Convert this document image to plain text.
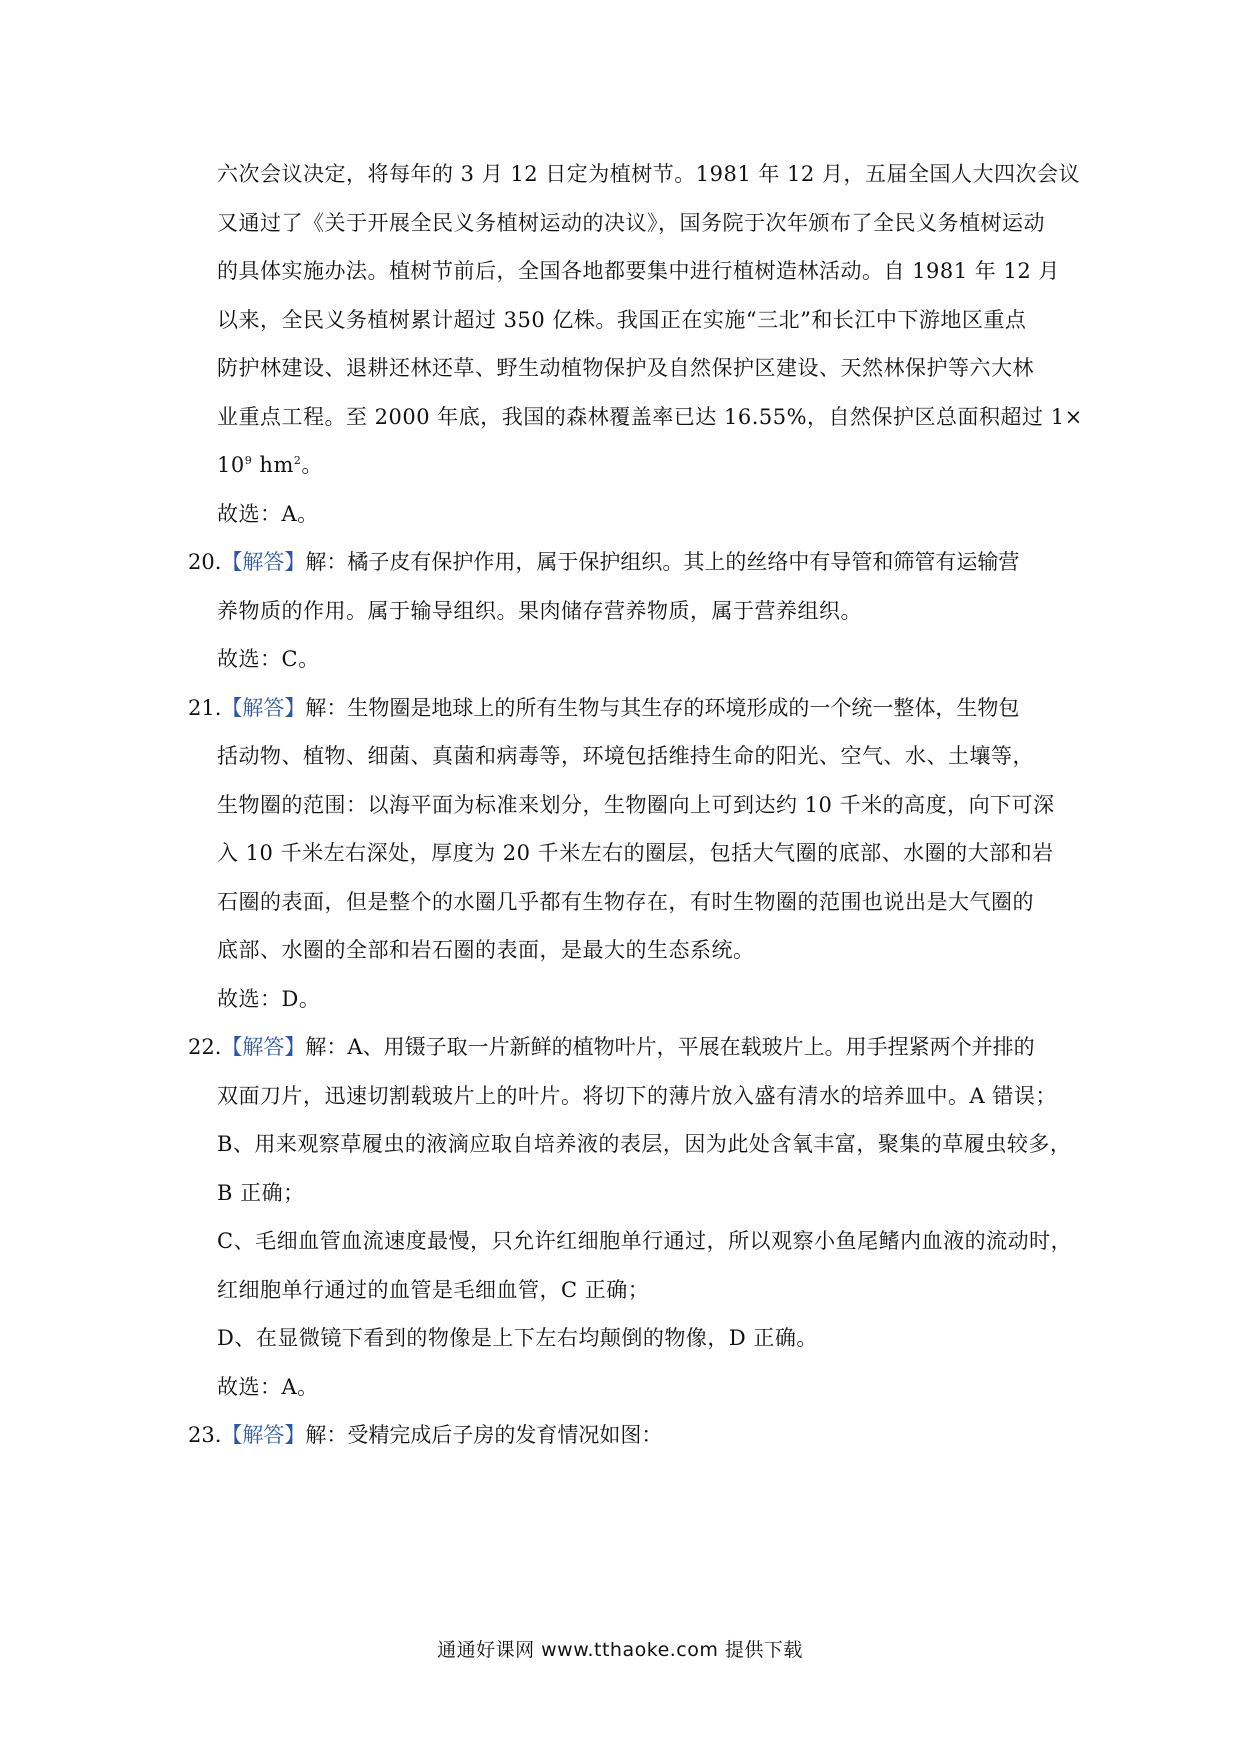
六次会议决定，将每年的 3 月 12 日定为植树节。1981 年 12 月，五届全国人大四次会议
又通过了《关于开展全民义务植树运动的决议》，国务院于次年颁布了全民义务植树运动
的具体实施办法。植树节前后，全国各地都要集中进行植树造林活动。自 1981 年 12 月
以来，全民义务植树累计超过 350 亿株。我国正在实施“三北”和长江中下游地区重点
防护林建设、退耕还林还草、野生动植物保护及自然保护区建设、天然林保护等六大林
业重点工程。至 2000 年底，我国的森林覆盖率已达 16.55%，自然保护区总面积超过 1×
$10^9$ $hm^2$。
故选：A。
20.【解答】解：橘子皮有保护作用，属于保护组织。其上的丝络中有导管和筛管有运输营
养物质的作用。属于输导组织。果肉储存营养物质，属于营养组织。
故选：C。
21.【解答】解：生物圈是地球上的所有生物与其生存的环境形成的一个统一整体，生物包
括动物、植物、细菌、真菌和病毒等，环境包括维持生命的阳光、空气、水、土壤等，
生物圈的范围：以海平面为标准来划分，生物圈向上可到达约 10 千米的高度，向下可深
入 10 千米左右深处，厚度为 20 千米左右的圈层，包括大气圈的底部、水圈的大部和岩
石圈的表面，但是整个的水圈几乎都有生物存在，有时生物圈的范围也说出是大气圈的
底部、水圈的全部和岩石圈的表面，是最大的生态系统。
故选：D。
22.【解答】解：A、用镊子取一片新鲜的植物叶片，平展在载玻片上。用手捏紧两个并排的
双面刀片，迅速切割载玻片上的叶片。将切下的薄片放入盛有清水的培养皿中。A 错误；
B、用来观察草履虫的液滴应取自培养液的表层，因为此处含氧丰富，聚集的草履虫较多，
B 正确；
C、毛细血管血流速度最慢，只允许红细胞单行通过，所以观察小鱼尾鳍内血液的流动时，
红细胞单行通过的血管是毛细血管，C 正确；
D、在显微镜下看到的物像是上下左右均颠倒的物像，D 正确。
故选：A。
23.【解答】解：受精完成后子房的发育情况如图：
通通好课网 www.tthaoke.com 提供下载
